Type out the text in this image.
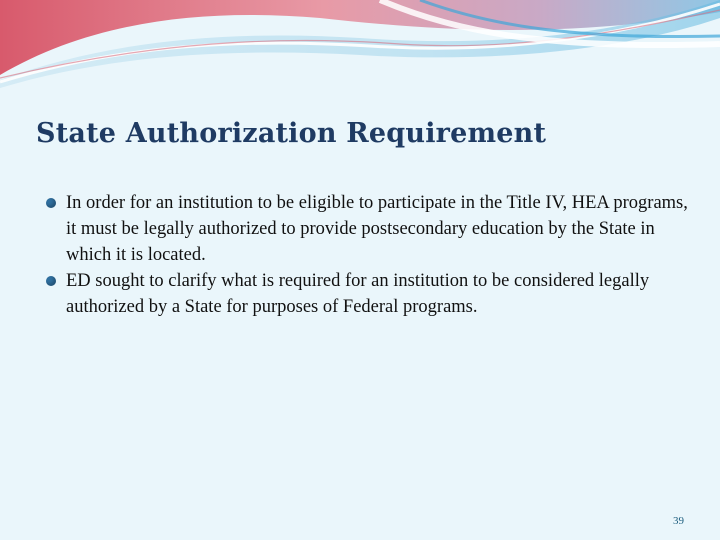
State Authorization Requirement
In order for an institution to be eligible to participate in the Title IV, HEA programs, it must be legally authorized to provide postsecondary education by the State in which it is located.
ED sought to clarify what is required for an institution to be considered legally authorized by a State for purposes of Federal programs.
39
